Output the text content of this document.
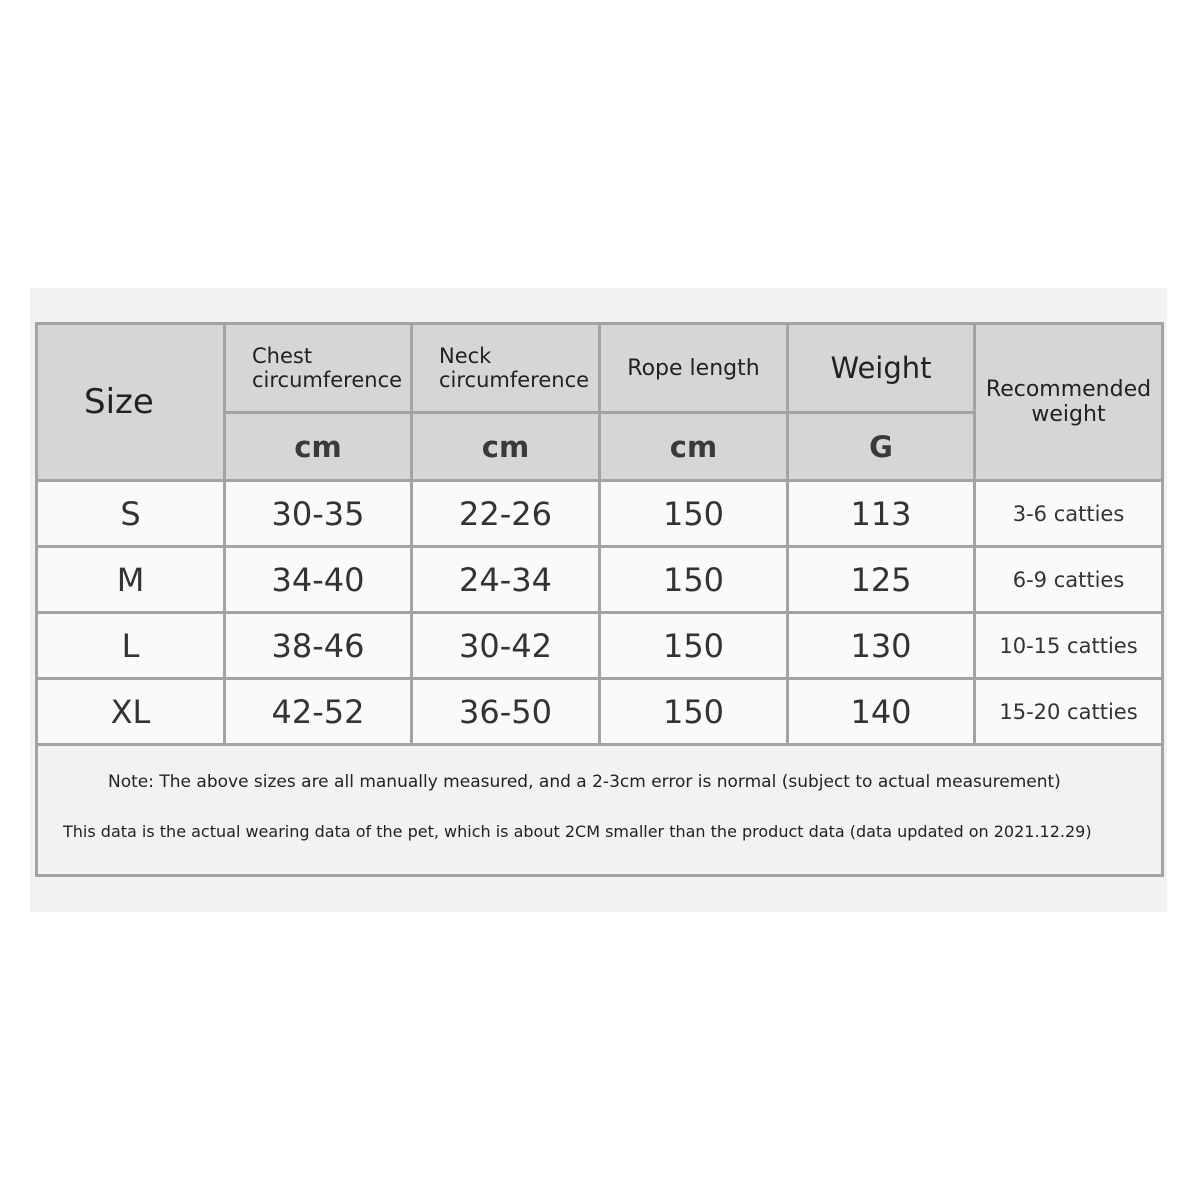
Size	Chest circumference	Neck circumference	Rope length	Weight	Recommended weight
	cm	cm	cm	G	
S	30-35	22-26	150	113	3-6 catties
M	34-40	24-34	150	125	6-9 catties
L	38-46	30-42	150	130	10-15 catties
XL	42-52	36-50	150	140	15-20 catties

Note: The above sizes are all manually measured, and a 2-3cm error is normal (subject to actual measurement)
This data is the actual wearing data of the pet, which is about 2CM smaller than the product data (data updated on 2021.12.29)					
